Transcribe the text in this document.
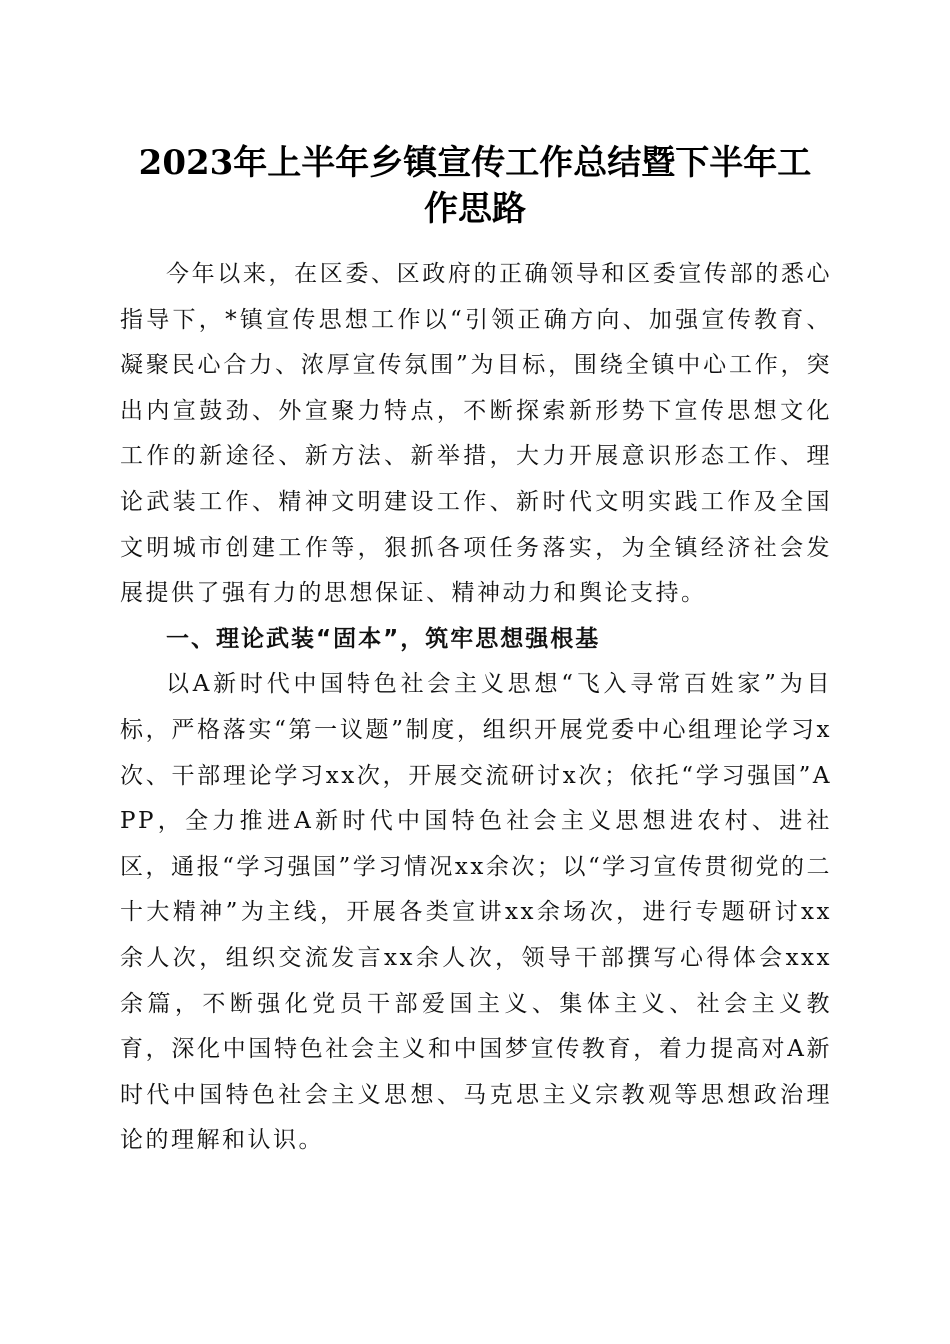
2023年上半年乡镇宣传工作总结暨下半年工
作思路

今年以来，在区委、区政府的正确领导和区委宣传部的悉心指导下，*镇宣传思想工作以“引领正确方向、加强宣传教育、凝聚民心合力、浓厚宣传氛围”为目标，围绕全镇中心工作，突出内宣鼓劲、外宣聚力特点，不断探索新形势下宣传思想文化工作的新途径、新方法、新举措，大力开展意识形态工作、理论武装工作、精神文明建设工作、新时代文明实践工作及全国文明城市创建工作等，狠抓各项任务落实，为全镇经济社会发展提供了强有力的思想保证、精神动力和舆论支持。

一、理论武装“固本”，筑牢思想强根基

以A新时代中国特色社会主义思想“飞入寻常百姓家”为目标，严格落实“第一议题”制度，组织开展党委中心组理论学习x次、干部理论学习xx次，开展交流研讨x次；依托“学习强国”APP，全力推进A新时代中国特色社会主义思想进农村、进社区，通报“学习强国”学习情况xx余次；以“学习宣传贯彻党的二十大精神”为主线，开展各类宣讲xx余场次，进行专题研讨xx余人次，组织交流发言xx余人次，领导干部撰写心得体会xxx余篇，不断强化党员干部爱国主义、集体主义、社会主义教育，深化中国特色社会主义和中国梦宣传教育，着力提高对A新时代中国特色社会主义思想、马克思主义宗教观等思想政治理论的理解和认识。
